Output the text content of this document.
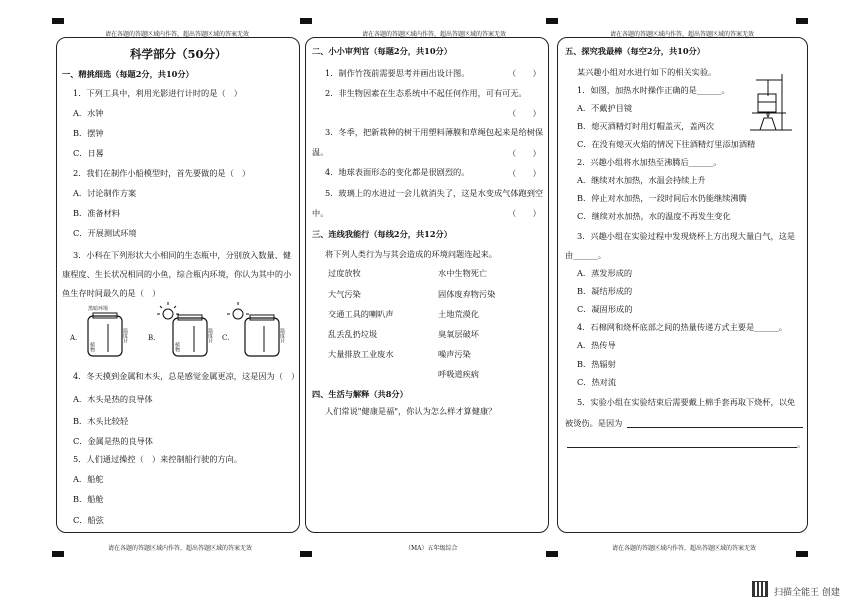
请在各题的答题区域内作答，超出答题区域的答案无效	请在各题的答题区域内作答，超出答题区域的答案无效	请在各题的答题区域内作答，超出答题区域的答案无效
请在各题的答题区域内作答，超出答题区域的答案无效	（MA）五年级综合	请在各题的答题区域内作答，超出答题区域的答案无效
科学部分（50分）
一、精挑细选（每题2分，共10分）
1．下列工具中，利用光影进行计时的是（　）
A．水钟
B．摆钟
C．日晷
2．我们在制作小船模型时，首先要做的是（　）
A．讨论制作方案
B．准备材料
C．开展测试环境
3．小科在下列形状大小相同的生态瓶中，分别放入数量、健
康程度、生长状况相同的小鱼，综合瓶内环境，你认为其中的小
鱼生存时间最久的是（　）
A.
黑暗环境
植物
温度计	B.
植物
温度计 C.	温度计
4．冬天摸到金属和木头，总是感觉金属更凉，这是因为（　）
A．木头是热的良导体
B．木头比较轻
C．金属是热的良导体
5．人们通过操控（　）来控制船行驶的方向。
A．船舵
B．船舱
C．船弦
二、小小审判官（每题2分，共10分）
1．制作竹筏前需要思考并画出设计图。	（　　）
2．非生物因素在生态系统中不起任何作用，可有可无。
（　　）
3．冬季，把新栽种的树干用塑料薄膜和草绳包起来是给树保
温。	（　　）
4．地球表面形态的变化都是很剧烈的。	（　　）
5．玻璃上的水进过一会儿就消失了，这是水变成气体跑到空
中。	（　　）
三、连线我能行（每线2分，共12分）
将下列人类行为与其会造成的环境问题连起来。
过度放牧
大气污染
交通工具的喇叭声
乱丢乱扔垃圾
大量排放工业废水
水中生物死亡
固体废弃物污染
土地荒漠化
臭氧层破坏
噪声污染
呼吸道疾病
四、生活与解释（共8分）
人们常说"健康是福"，你认为怎么样才算健康？
五、探究我最棒（每空2分，共10分）
某兴趣小组对水进行如下的相关实验。
1．如图，加热水时操作正确的是______。
A．不戴护目镜
B．熄灭酒精灯时用灯帽盖灭，盖两次
C．在没有熄灭火焰的情况下往酒精灯里添加酒精
2．兴趣小组将水加热至沸腾后______。
A．继续对水加热，水温会持续上升
B．停止对水加热，一段时间后水仍能继续沸腾
C．继续对水加热，水的温度不再发生变化
3．兴趣小组在实验过程中发现烧杯上方出现大量白气，这是
由______。
A．蒸发形成的
B．凝结形成的
C．凝固形成的
4．石棉网和烧杯底部之间的热量传递方式主要是______。
A．热传导
B．热辐射
C．热对流
5．实验小组在实验结束后需要戴上棉手套再取下烧杯，以免
被烫伤。是因为
。
扫描全能王 创建
